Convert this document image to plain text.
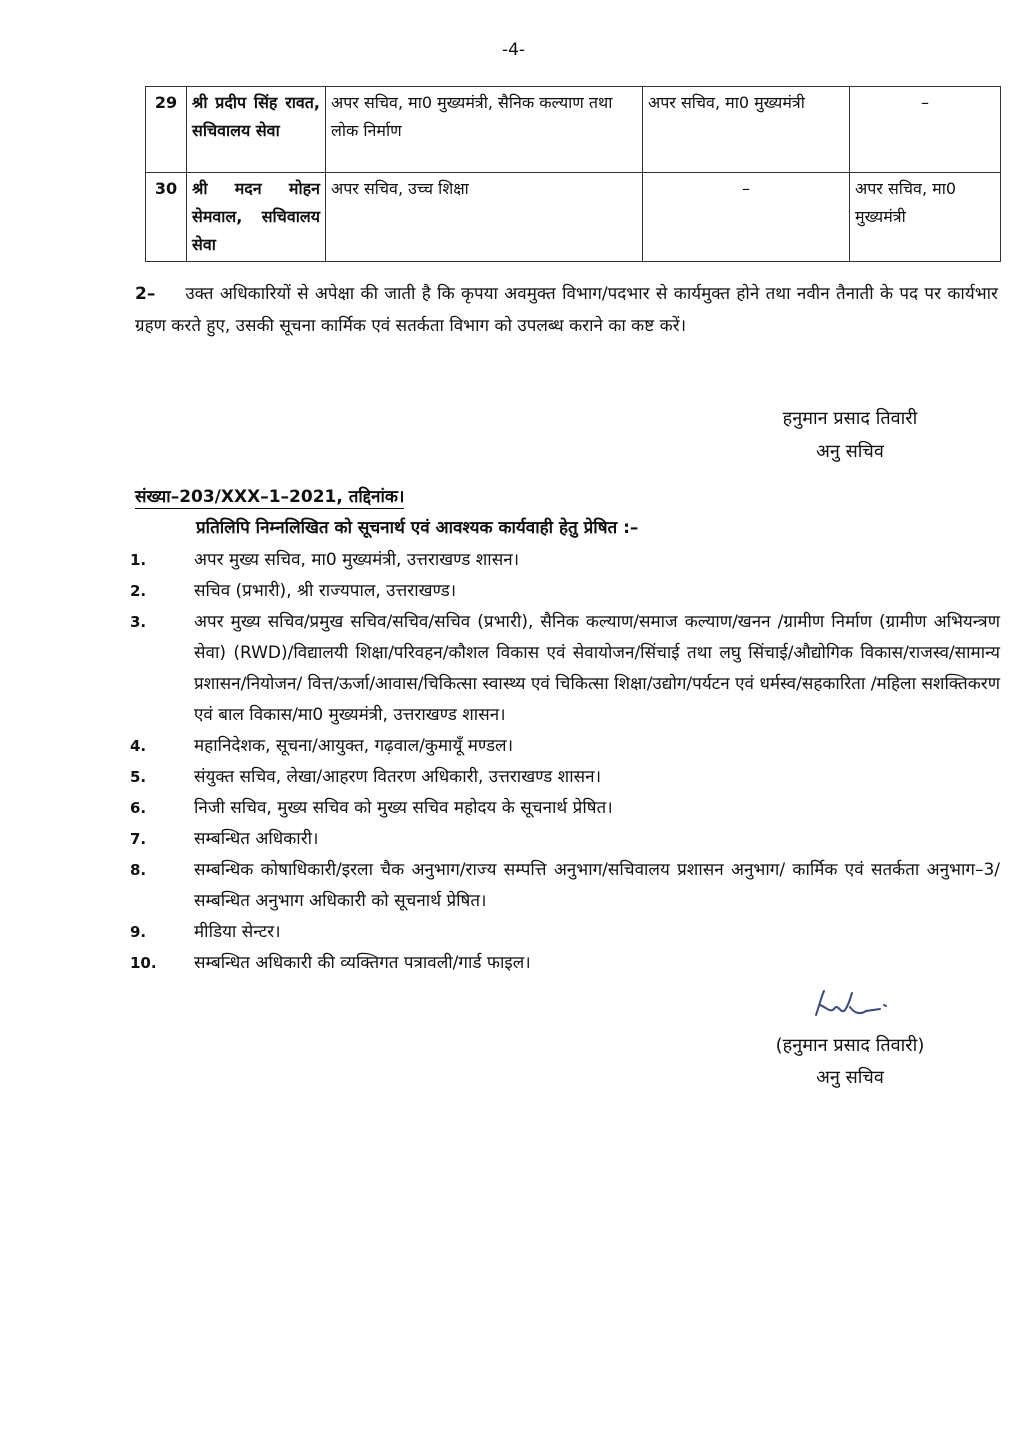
-4-
29	श्री प्रदीप सिंह रावत, सचिवालय सेवा	अपर सचिव, मा0 मुख्यमंत्री, सैनिक कल्याण तथा लोक निर्माण	अपर सचिव, मा0 मुख्यमंत्री	–
30	श्री मदन मोहन सेमवाल, सचिवालय सेवा	अपर सचिव, उच्च शिक्षा	–	अपर सचिव, मा0 मुख्यमंत्री
2– उक्त अधिकारियों से अपेक्षा की जाती है कि कृपया अवमुक्त विभाग/पदभार से कार्यमुक्त होने तथा नवीन तैनाती के पद पर कार्यभार ग्रहण करते हुए, उसकी सूचना कार्मिक एवं सतर्कता विभाग को उपलब्ध कराने का कष्ट करें।
हनुमान प्रसाद तिवारी
अनु सचिव
संख्या–203/XXX–1–2021, तद्दिनांक।
प्रतिलिपि निम्नलिखित को सूचनार्थ एवं आवश्यक कार्यवाही हेतु प्रेषित :–
1.	अपर मुख्य सचिव, मा0 मुख्यमंत्री, उत्तराखण्ड शासन।
2.	सचिव (प्रभारी), श्री राज्यपाल, उत्तराखण्ड।
3.	अपर मुख्य सचिव/प्रमुख सचिव/सचिव/सचिव (प्रभारी), सैनिक कल्याण/समाज कल्याण/खनन /ग्रामीण निर्माण (ग्रामीण अभियन्त्रण सेवा) (RWD)/विद्यालयी शिक्षा/परिवहन/कौशल विकास एवं सेवायोजन/सिंचाई तथा लघु सिंचाई/औद्योगिक विकास/राजस्व/सामान्य प्रशासन/नियोजन/ वित्त/ऊर्जा/आवास/चिकित्सा स्वास्थ्य एवं चिकित्सा शिक्षा/उद्योग/पर्यटन एवं धर्मस्व/सहकारिता /महिला सशक्तिकरण एवं बाल विकास/मा0 मुख्यमंत्री, उत्तराखण्ड शासन।
4.	महानिदेशक, सूचना/आयुक्त, गढ़वाल/कुमायूँ मण्डल।
5.	संयुक्त सचिव, लेखा/आहरण वितरण अधिकारी, उत्तराखण्ड शासन।
6.	निजी सचिव, मुख्य सचिव को मुख्य सचिव महोदय के सूचनार्थ प्रेषित।
7.	सम्बन्धित अधिकारी।
8.	सम्बन्धिक कोषाधिकारी/इरला चैक अनुभाग/राज्य सम्पत्ति अनुभाग/सचिवालय प्रशासन अनुभाग/ कार्मिक एवं सतर्कता अनुभाग–3/सम्बन्धित अनुभाग अधिकारी को सूचनार्थ प्रेषित।
9.	मीडिया सेन्टर।
10.	सम्बन्धित अधिकारी की व्यक्तिगत पत्रावली/गार्ड फाइल।
(हनुमान प्रसाद तिवारी)
अनु सचिव
